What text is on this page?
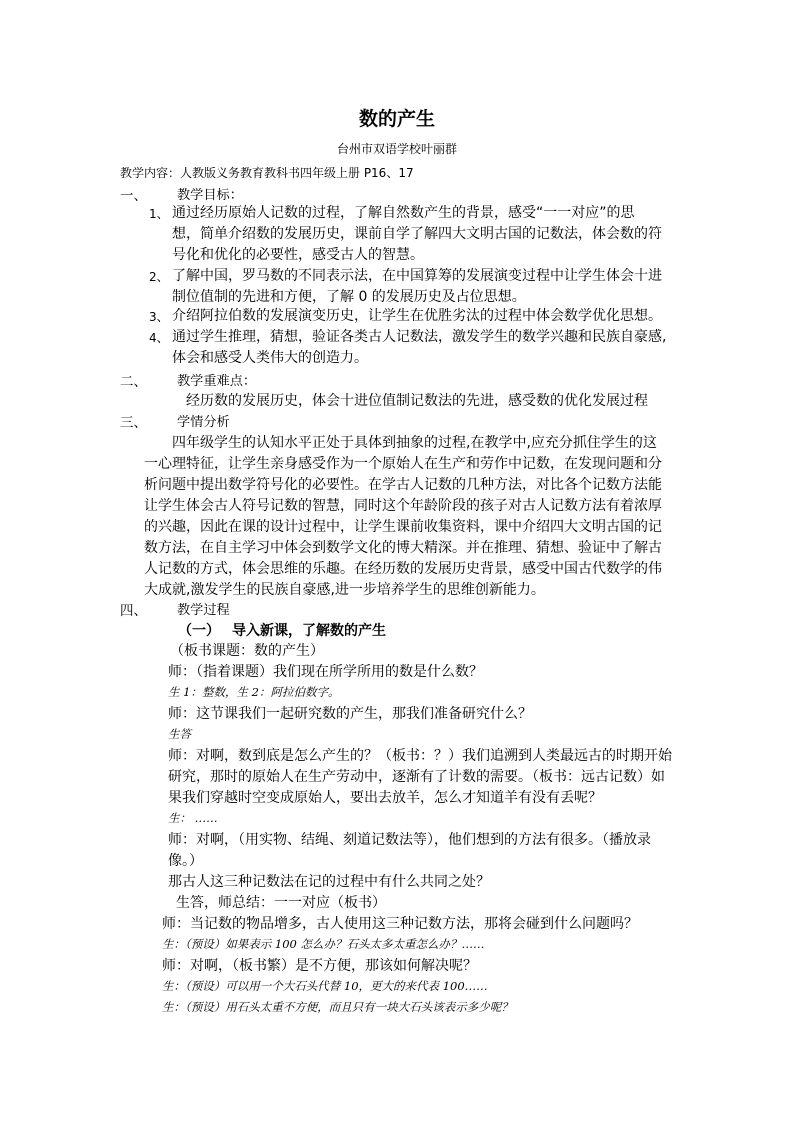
数的产生
台州市双语学校叶丽群
教学内容：人教版义务教育教科书四年级上册 P16、17
一、 教学目标：
1、 通过经历原始人记数的过程，了解自然数产生的背景，感受“一一对应”的思
想，简单介绍数的发展历史，课前自学了解四大文明古国的记数法，体会数的符
号化和优化的必要性，感受古人的智慧。
2、 了解中国，罗马数的不同表示法，在中国算筹的发展演变过程中让学生体会十进
制位值制的先进和方便，了解 0 的发展历史及占位思想。
3、 介绍阿拉伯数的发展演变历史，让学生在优胜劣汰的过程中体会数学优化思想。
4、 通过学生推理，猜想，验证各类古人记数法，激发学生的数学兴趣和民族自豪感,
体会和感受人类伟大的创造力。
二、 教学重难点：
经历数的发展历史，体会十进位值制记数法的先进，感受数的优化发展过程
三、 学情分析
四年级学生的认知水平正处于具体到抽象的过程,在教学中,应充分抓住学生的这
一心理特征，让学生亲身感受作为一个原始人在生产和劳作中记数，在发现问题和分
析问题中提出数学符号化的必要性。在学古人记数的几种方法，对比各个记数方法能
让学生体会古人符号记数的智慧，同时这个年龄阶段的孩子对古人记数方法有着浓厚
的兴趣，因此在课的设计过程中，让学生课前收集资料，课中介绍四大文明古国的记
数方法，在自主学习中体会到数学文化的博大精深。并在推理、猜想、验证中了解古
人记数的方式，体会思维的乐趣。在经历数的发展历史背景，感受中国古代数学的伟
大成就,激发学生的民族自豪感,进一步培养学生的思维创新能力。
四、 教学过程
（一） 导入新课，了解数的产生
（板书课题：数的产生）
师：（指着课题）我们现在所学所用的数是什么数？
生 1：整数，生 2：阿拉伯数字。
师：这节课我们一起研究数的产生，那我们准备研究什么？
生答
师：对啊，数到底是怎么产生的？（板书：？）我们追溯到人类最远古的时期开始
研究，那时的原始人在生产劳动中，逐渐有了计数的需要。（板书：远古记数）如
果我们穿越时空变成原始人，要出去放羊，怎么才知道羊有没有丢呢？
生： ……
师：对啊，（用实物、结绳、刻道记数法等），他们想到的方法有很多。（播放录
像。）
那古人这三种记数法在记的过程中有什么共同之处？
生答，师总结：一一对应（板书）
师：当记数的物品增多，古人使用这三种记数方法，那将会碰到什么问题吗？
生：（预设）如果表示 100 怎么办？石头太多太重怎么办？……
师：对啊，（板书繁）是不方便，那该如何解决呢？
生：（预设）可以用一个大石头代替 10，更大的来代表 100……
生：（预设）用石头太重不方便，而且只有一块大石头该表示多少呢？
